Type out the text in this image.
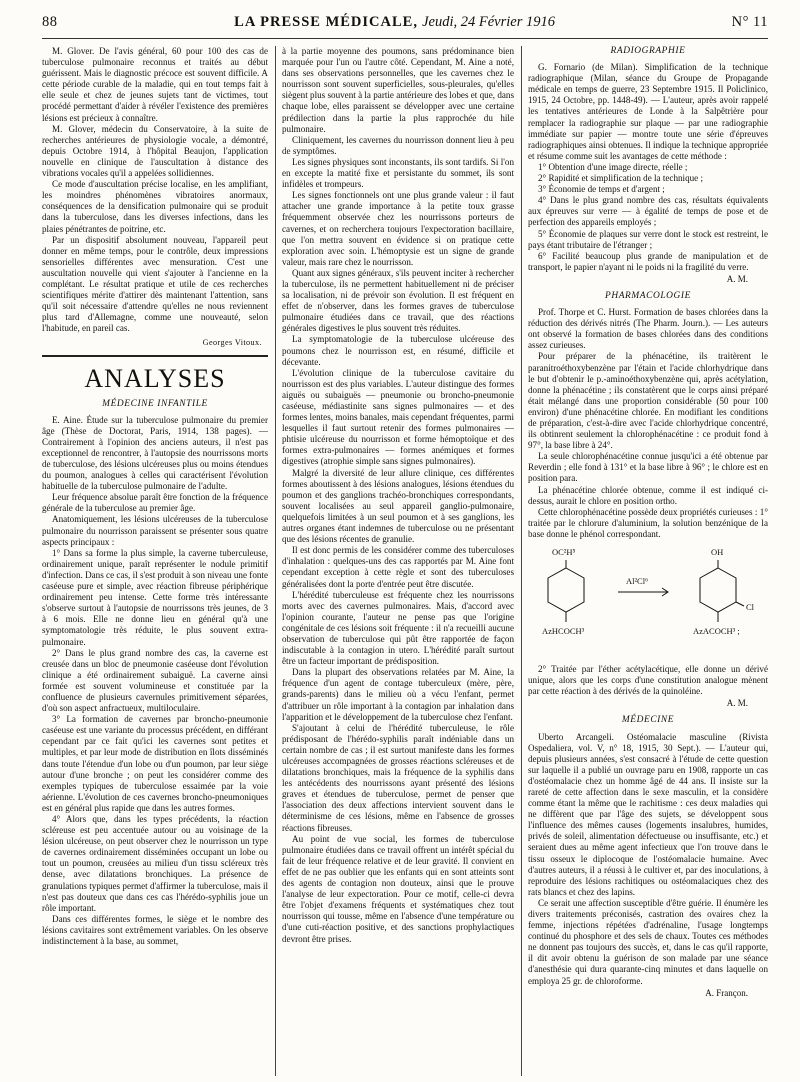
88	LA PRESSE MÉDICALE, Jeudi, 24 Février 1916	N° 11

M. Glover. De l'avis général, 60 pour 100 des cas de tuberculose pulmonaire reconnus et traités au début guérissent. Mais le diagnostic précoce est souvent difficile. A cette période curable de la maladie, qui en tout temps fait à elle seule et chez de jeunes sujets tant de victimes, tout procédé permettant d'aider à révéler l'existence des premières lésions est précieux à connaître.

M. Glover, médecin du Conservatoire, à la suite de recherches antérieures de physiologie vocale, a démontré, depuis Octobre 1914, à l'hôpital Beaujon, l'application nouvelle en clinique de l'auscultation à distance des vibrations vocales qu'il a appelées sollidiennes.

Ce mode d'auscultation précise localise, en les amplifiant, les moindres phénomènes vibratoires anormaux, conséquences de la densification pulmonaire qui se produit dans la tuberculose, dans les diverses infections, dans les plaies pénétrantes de poitrine, etc.

Par un dispositif absolument nouveau, l'appareil peut donner en même temps, pour le contrôle, deux impressions sensorielles différentes avec mensuration. C'est une auscultation nouvelle qui vient s'ajouter à l'ancienne en la complétant. Le résultat pratique et utile de ces recherches scientifiques mérite d'attirer dès maintenant l'attention, sans qu'il soit nécessaire d'attendre qu'elles ne nous reviennent plus tard d'Allemagne, comme une nouveauté, selon l'habitude, en pareil cas.

Georges Vitoux.
ANALYSES
MÉDECINE INFANTILE

E. Aine. Étude sur la tuberculose pulmonaire du premier âge (Thèse de Doctorat, Paris, 1914, 138 pages). — Contrairement à l'opinion des anciens auteurs, il n'est pas exceptionnel de rencontrer, à l'autopsie des nourrissons morts de tuberculose, des lésions ulcéreuses plus ou moins étendues du poumon, analogues à celles qui caractérisent l'évolution habituelle de la tuberculose pulmonaire de l'adulte.

Leur fréquence absolue paraît être fonction de la fréquence générale de la tuberculose au premier âge.

Anatomiquement, les lésions ulcéreuses de la tuberculose pulmonaire du nourrisson paraissent se présenter sous quatre aspects principaux :

1° Dans sa forme la plus simple, la caverne tuberculeuse, ordinairement unique, paraît représenter le nodule primitif d'infection. Dans ce cas, il s'est produit à son niveau une fonte caséeuse pure et simple, avec réaction fibreuse périphérique ordinairement peu intense. Cette forme très intéressante s'observe surtout à l'autopsie de nourrissons très jeunes, de 3 à 6 mois. Elle ne donne lieu en général qu'à une symptomatologie très réduite, le plus souvent extra-pulmonaire.

2° Dans le plus grand nombre des cas, la caverne est creusée dans un bloc de pneumonie caséeuse dont l'évolution clinique a été ordinairement subaiguë. La caverne ainsi formée est souvent volumineuse et constituée par la confluence de plusieurs cavernules primitivement séparées, d'où son aspect anfractueux, multiloculaire.

3° La formation de cavernes par broncho-pneumonie caséeuse est une variante du processus précédent, en différant cependant par ce fait qu'ici les cavernes sont petites et multiples, et par leur mode de distribution en îlots disséminés dans toute l'étendue d'un lobe ou d'un poumon, par leur siège autour d'une bronche ; on peut les considérer comme des exemples typiques de tuberculose essaimée par la voie aérienne. L'évolution de ces cavernes broncho-pneumoniques est en général plus rapide que dans les autres formes.

4° Alors que, dans les types précédents, la réaction scléreuse est peu accentuée autour ou au voisinage de la lésion ulcéreuse, on peut observer chez le nourrisson un type de cavernes ordinairement disséminées occupant un lobe ou tout un poumon, creusées au milieu d'un tissu scléreux très dense, avec dilatations bronchiques. La présence de granulations typiques permet d'affirmer la tuberculose, mais il n'est pas douteux que dans ces cas l'hérédo-syphilis joue un rôle important.

Dans ces différentes formes, le siège et le nombre des lésions cavitaires sont extrêmement variables. On les observe indistinctement à la base, au sommet,

à la partie moyenne des poumons, sans prédominance bien marquée pour l'un ou l'autre côté. Cependant, M. Aine a noté, dans ses observations personnelles, que les cavernes chez le nourrisson sont souvent superficielles, sous-pleurales, qu'elles siègent plus souvent à la partie antérieure des lobes et que, dans chaque lobe, elles paraissent se développer avec une certaine prédilection dans la partie la plus rapprochée du hile pulmonaire.

Cliniquement, les cavernes du nourrisson donnent lieu à peu de symptômes.

Les signes physiques sont inconstants, ils sont tardifs. Si l'on en excepte la matité fixe et persistante du sommet, ils sont infidèles et trompeurs.

Les signes fonctionnels ont une plus grande valeur : il faut attacher une grande importance à la petite toux grasse fréquemment observée chez les nourrissons porteurs de cavernes, et on recherchera toujours l'expectoration bacillaire, que l'on mettra souvent en évidence si on pratique cette exploration avec soin. L'hémoptysie est un signe de grande valeur, mais rare chez le nourrisson.

Quant aux signes généraux, s'ils peuvent inciter à rechercher la tuberculose, ils ne permettent habituellement ni de préciser sa localisation, ni de prévoir son évolution. Il est fréquent en effet de n'observer, dans les formes graves de tuberculose pulmonaire étudiées dans ce travail, que des réactions générales digestives le plus souvent très réduites.

La symptomatologie de la tuberculose ulcéreuse des poumons chez le nourrisson est, en résumé, difficile et décevante.

L'évolution clinique de la tuberculose cavitaire du nourrisson est des plus variables. L'auteur distingue des formes aiguës ou subaiguës — pneumonie ou broncho-pneumonie caséeuse, médiastinite sans signes pulmonaires — et des formes lentes, moins banales, mais cependant fréquentes, parmi lesquelles il faut surtout retenir des formes pulmonaires — phtisie ulcéreuse du nourrisson et forme hémoptoïque et des formes extra-pulmonaires — formes anémiques et formes digestives (atrophie simple sans signes pulmonaires).

Malgré la diversité de leur allure clinique, ces différentes formes aboutissent à des lésions analogues, lésions étendues du poumon et des ganglions trachéo-bronchiques correspondants, souvent localisées au seul appareil ganglio-pulmonaire, quelquefois limitées à un seul poumon et à ses ganglions, les autres organes étant indemnes de tuberculose ou ne présentant que des lésions récentes de granulie.

Il est donc permis de les considérer comme des tuberculoses d'inhalation : quelques-uns des cas rapportés par M. Aine font cependant exception à cette règle et sont des tuberculoses généralisées dont la porte d'entrée peut être discutée.

L'hérédité tuberculeuse est fréquente chez les nourrissons morts avec des cavernes pulmonaires. Mais, d'accord avec l'opinion courante, l'auteur ne pense pas que l'origine congénitale de ces lésions soit fréquente : il n'a recueilli aucune observation de tuberculose qui pût être rapportée de façon indiscutable à la contagion in utero. L'hérédité paraît surtout être un facteur important de prédisposition.

Dans la plupart des observations relatées par M. Aine, la fréquence d'un agent de contage tuberculeux (mère, père, grands-parents) dans le milieu où a vécu l'enfant, permet d'attribuer un rôle important à la contagion par inhalation dans l'apparition et le développement de la tuberculose chez l'enfant.

S'ajoutant à celui de l'hérédité tuberculeuse, le rôle prédisposant de l'hérédo-syphilis paraît indéniable dans un certain nombre de cas ; il est surtout manifeste dans les formes ulcéreuses accompagnées de grosses réactions scléreuses et de dilatations bronchiques, mais la fréquence de la syphilis dans les antécédents des nourrissons ayant présenté des lésions graves et étendues de tuberculose, permet de penser que l'association des deux affections intervient souvent dans le déterminisme de ces lésions, même en l'absence de grosses réactions fibreuses.

Au point de vue social, les formes de tuberculose pulmonaire étudiées dans ce travail offrent un intérêt spécial du fait de leur fréquence relative et de leur gravité. Il convient en effet de ne pas oublier que les enfants qui en sont atteints sont des agents de contagion non douteux, ainsi que le prouve l'analyse de leur expectoration. Pour ce motif, celle-ci devra être l'objet d'examens fréquents et systématiques chez tout nourrisson qui tousse, même en l'absence d'une température ou d'une cuti-réaction positive, et des sanctions prophylactiques devront être prises.

RADIOGRAPHIE

G. Fornario (de Milan). Simplification de la technique radiographique (Milan, séance du Groupe de Propagande médicale en temps de guerre, 23 Septembre 1915. Il Policlinico, 1915, 24 Octobre, pp. 1448-49). — L'auteur, après avoir rappelé les tentatives antérieures de Londe à la Salpêtrière pour remplacer la radiographie sur plaque — par une radiographie immédiate sur papier — montre toute une série d'épreuves radiographiques ainsi obtenues. Il indique la technique appropriée et résume comme suit les avantages de cette méthode :

1° Obtention d'une image directe, réelle ;

2° Rapidité et simplification de la technique ;

3° Économie de temps et d'argent ;

4° Dans le plus grand nombre des cas, résultats équivalents aux épreuves sur verre — à égalité de temps de pose et de perfection des appareils employés ;

5° Économie de plaques sur verre dont le stock est restreint, le pays étant tributaire de l'étranger ;

6° Facilité beaucoup plus grande de manipulation et de transport, le papier n'ayant ni le poids ni la fragilité du verre.

A. M.
PHARMACOLOGIE

Prof. Thorpe et C. Hurst. Formation de bases chlorées dans la réduction des dérivés nitrés (The Pharm. Journ.). — Les auteurs ont observé la formation de bases chlorées dans des conditions assez curieuses.

Pour préparer de la phénacétine, ils traitèrent le paranitroéthoxybenzène par l'étain et l'acide chlorhydrique dans le but d'obtenir le p.-aminoéthoxybenzène qui, après acétylation, donne la phénacétine ; ils constatèrent que le corps ainsi préparé était mélangé dans une proportion considérable (50 pour 100 environ) d'une phénacétine chlorée. En modifiant les conditions de préparation, c'est-à-dire avec l'acide chlorhydrique concentré, ils obtinrent seulement la chlorophénacétine : ce produit fond à 97°, la base libre à 24°.

La seule chlorophénacétine connue jusqu'ici a été obtenue par Reverdin ; elle fond à 131° et la base libre à 96° ; le chlore est en position para.

La phénacétine chlorée obtenue, comme il est indiqué ci-dessus, aurait le chlore en position ortho.

Cette chlorophénacétine possède deux propriétés curieuses : 1° traitée par le chlorure d'aluminium, la solution benzénique de la base donne le phénol correspondant.

OC²H⁵
AzHCOCH³
Al²Cl⁶
OH
Cl
AzACOCH³ ;

2° Traitée par l'éther acétylacétique, elle donne un dérivé unique, alors que les corps d'une constitution analogue mènent par cette réaction à des dérivés de la quinoléine.

A. M.
MÉDECINE

Uberto Arcangeli. Ostéomalacie masculine (Rivista Ospedaliera, vol. V, n° 18, 1915, 30 Sept.). — L'auteur qui, depuis plusieurs années, s'est consacré à l'étude de cette question sur laquelle il a publié un ouvrage paru en 1908, rapporte un cas d'ostéomalacie chez un homme âgé de 44 ans. Il insiste sur la rareté de cette affection dans le sexe masculin, et la considère comme étant la même que le rachitisme : ces deux maladies qui ne diffèrent que par l'âge des sujets, se développent sous l'influence des mêmes causes (logements insalubres, humides, privés de soleil, alimentation défectueuse ou insuffisante, etc.) et seraient dues au même agent infectieux que l'on trouve dans le tissu osseux le diplocoque de l'ostéomalacie humaine. Avec d'autres auteurs, il a réussi à le cultiver et, par des inoculations, à reproduire des lésions rachitiques ou ostéomalaciques chez des rats blancs et chez des lapins.

Ce serait une affection susceptible d'être guérie. Il énumère les divers traitements préconisés, castration des ovaires chez la femme, injections répétées d'adrénaline, l'usage longtemps continué du phosphore et des sels de chaux. Toutes ces méthodes ne donnent pas toujours des succès, et, dans le cas qu'il rapporte, il dit avoir obtenu la guérison de son malade par une séance d'anesthésie qui dura quarante-cinq minutes et dans laquelle on employa 25 gr. de chloroforme.

A. Françon.
